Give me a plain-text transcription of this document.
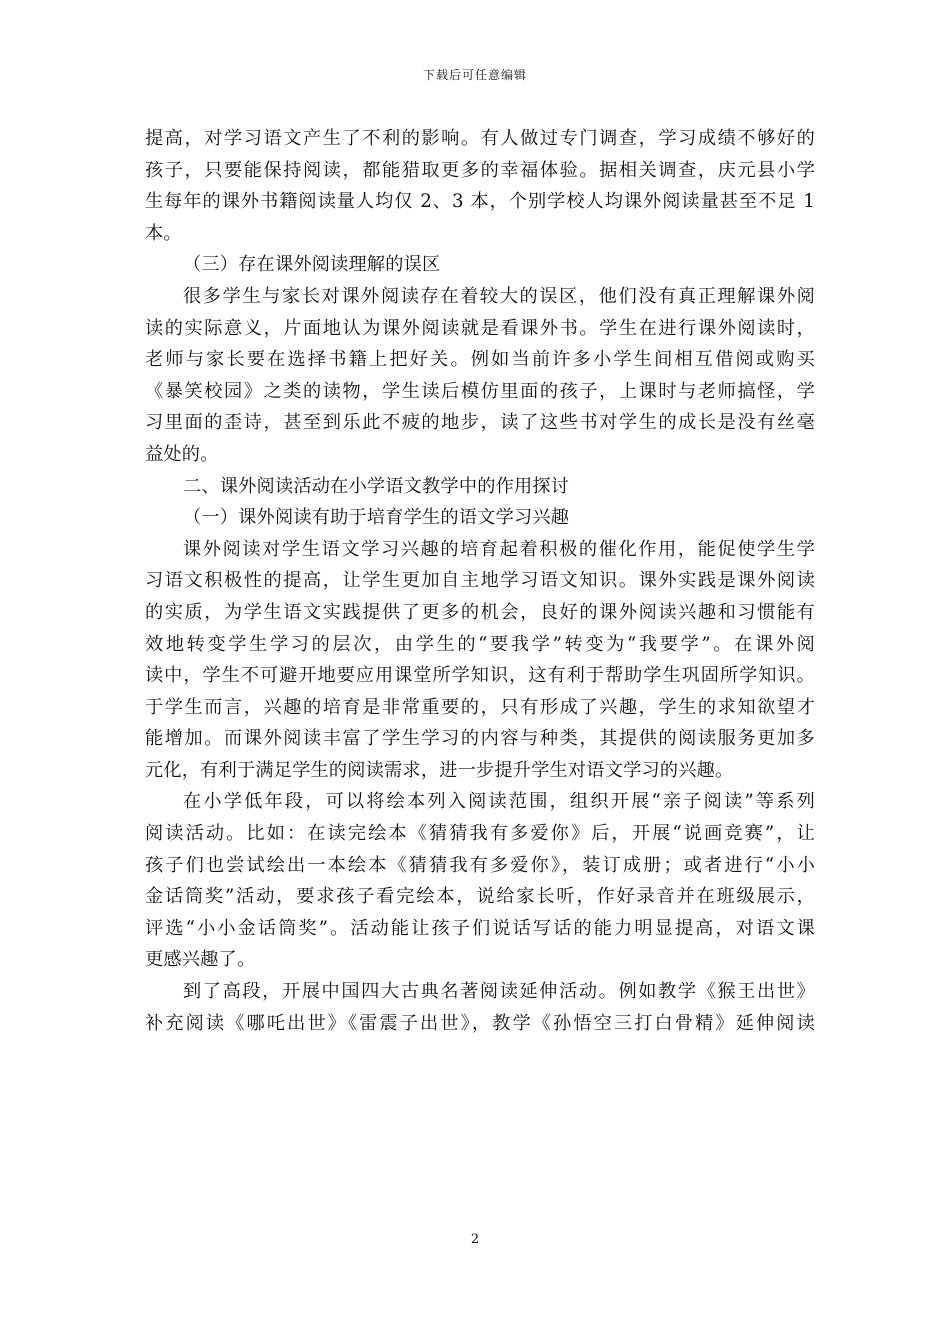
下载后可任意编辑
提高，对学习语文产生了不利的影响。有人做过专门调查，学习成绩不够好的
孩子，只要能保持阅读，都能猎取更多的幸福体验。据相关调查，庆元县小学
生每年的课外书籍阅读量人均仅 2、3 本，个别学校人均课外阅读量甚至不足 1
本。
（三）存在课外阅读理解的误区
很多学生与家长对课外阅读存在着较大的误区，他们没有真正理解课外阅
读的实际意义，片面地认为课外阅读就是看课外书。学生在进行课外阅读时，
老师与家长要在选择书籍上把好关。例如当前许多小学生间相互借阅或购买
《暴笑校园》之类的读物，学生读后模仿里面的孩子，上课时与老师搞怪，学
习里面的歪诗，甚至到乐此不疲的地步，读了这些书对学生的成长是没有丝毫
益处的。
二、课外阅读活动在小学语文教学中的作用探讨
（一）课外阅读有助于培育学生的语文学习兴趣
课外阅读对学生语文学习兴趣的培育起着积极的催化作用，能促使学生学
习语文积极性的提高，让学生更加自主地学习语文知识。课外实践是课外阅读
的实质，为学生语文实践提供了更多的机会，良好的课外阅读兴趣和习惯能有
效地转变学生学习的层次，由学生的“要我学”转变为“我要学”。在课外阅
读中，学生不可避开地要应用课堂所学知识，这有利于帮助学生巩固所学知识。
于学生而言，兴趣的培育是非常重要的，只有形成了兴趣，学生的求知欲望才
能增加。而课外阅读丰富了学生学习的内容与种类，其提供的阅读服务更加多
元化，有利于满足学生的阅读需求，进一步提升学生对语文学习的兴趣。
在小学低年段，可以将绘本列入阅读范围，组织开展“亲子阅读”等系列
阅读活动。比如：在读完绘本《猜猜我有多爱你》后，开展“说画竞赛”，让
孩子们也尝试绘出一本绘本《猜猜我有多爱你》，装订成册；或者进行“小小
金话筒奖”活动，要求孩子看完绘本，说给家长听，作好录音并在班级展示，
评选“小小金话筒奖”。活动能让孩子们说话写话的能力明显提高，对语文课
更感兴趣了。
到了高段，开展中国四大古典名著阅读延伸活动。例如教学《猴王出世》
补充阅读《哪吒出世》《雷震子出世》，教学《孙悟空三打白骨精》延伸阅读
2
